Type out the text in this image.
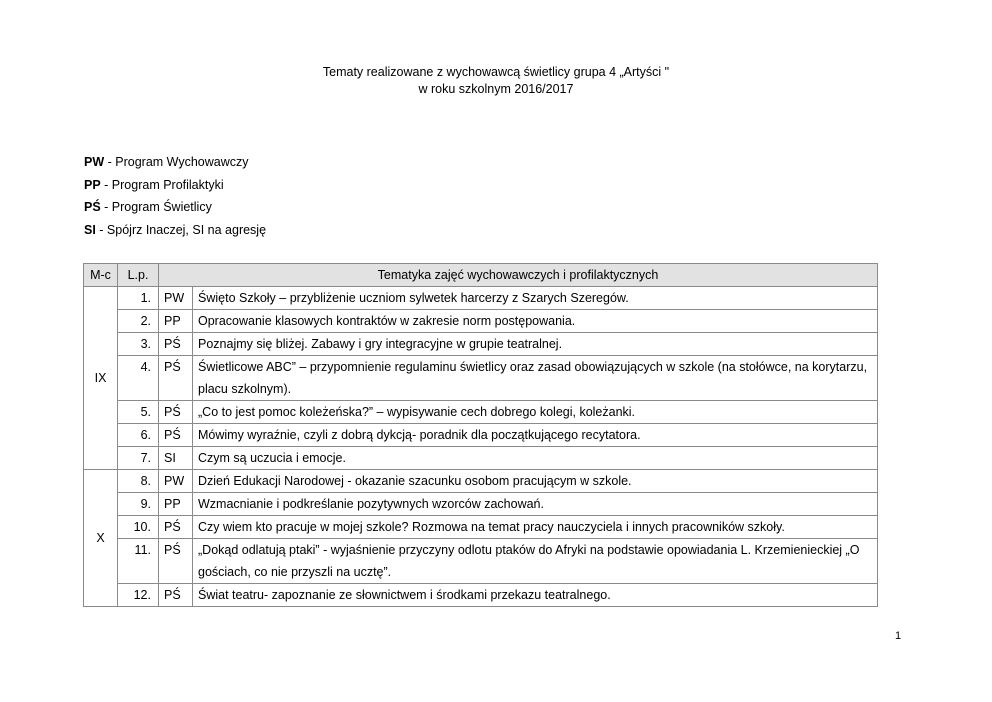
Tematy realizowane z wychowawcą świetlicy grupa 4 „Artyści "
w roku szkolnym 2016/2017
PW - Program Wychowawczy
PP - Program Profilaktyki
PŚ - Program Świetlicy
SI - Spójrz Inaczej, SI na agresję
M-c	L.p.	Tematyka zajęć wychowawczych i profilaktycznych	
IX	1.	PW	Święto Szkoły – przybliżenie uczniom sylwetek harcerzy z Szarych Szeregów.
	2.	PP	Opracowanie klasowych kontraktów w zakresie norm postępowania.
	3.	PŚ	Poznajmy się bliżej. Zabawy i gry integracyjne w grupie teatralnej.
	4.	PŚ	Świetlicowe ABC” – przypomnienie regulaminu świetlicy oraz zasad obowiązujących w szkole (na stołówce, na korytarzu, placu szkolnym).
	5.	PŚ	„Co to jest pomoc koleżeńska?” – wypisywanie cech dobrego kolegi, koleżanki.
	6.	PŚ	Mówimy wyraźnie, czyli z dobrą dykcją- poradnik dla początkującego recytatora.
	7.	SI	Czym są uczucia i emocje.
X	8.	PW	Dzień Edukacji Narodowej - okazanie szacunku osobom pracującym w szkole.
	9.	PP	Wzmacnianie i podkreślanie pozytywnych wzorców zachowań.
	10.	PŚ	Czy wiem kto pracuje w mojej szkole? Rozmowa na temat pracy nauczyciela i innych pracowników szkoły.
	11.	PŚ	„Dokąd odlatują ptaki” - wyjaśnienie przyczyny odlotu ptaków do Afryki na podstawie opowiadania L. Krzemienieckiej „O gościach, co nie przyszli na ucztę”.
	12.	PŚ	Świat teatru- zapoznanie ze słownictwem i środkami przekazu teatralnego.
1
